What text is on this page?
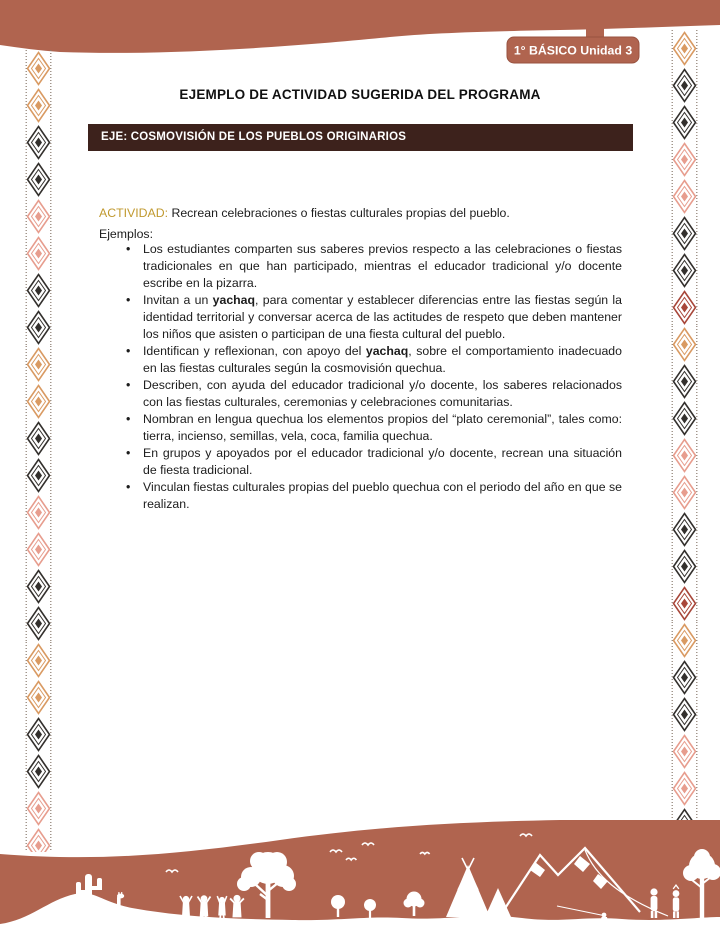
1° BÁSICO Unidad 3
EJEMPLO DE ACTIVIDAD SUGERIDA DEL PROGRAMA
EJE: COSMOVISIÓN DE LOS PUEBLOS ORIGINARIOS

ACTIVIDAD: Recrean celebraciones o fiestas culturales propias del pueblo.

Ejemplos:
• Los estudiantes comparten sus saberes previos respecto a las celebraciones o fiestas tradicionales en que han participado, mientras el educador tradicional y/o docente escribe en la pizarra.
• Invitan a un yachaq, para comentar y establecer diferencias entre las fiestas según la identidad territorial y conversar acerca de las actitudes de respeto que deben mantener los niños que asisten o participan de una fiesta cultural del pueblo.
• Identifican y reflexionan, con apoyo del yachaq, sobre el comportamiento inadecuado en las fiestas culturales según la cosmovisión quechua.
• Describen, con ayuda del educador tradicional y/o docente, los saberes relacionados con las fiestas culturales, ceremonias y celebraciones comunitarias.
• Nombran en lengua quechua los elementos propios del “plato ceremonial”, tales como: tierra, incienso, semillas, vela, coca, familia quechua.
• En grupos y apoyados por el educador tradicional y/o docente, recrean una situación de fiesta tradicional.
• Vinculan fiestas culturales propias del pueblo quechua con el periodo del año en que se realizan.
